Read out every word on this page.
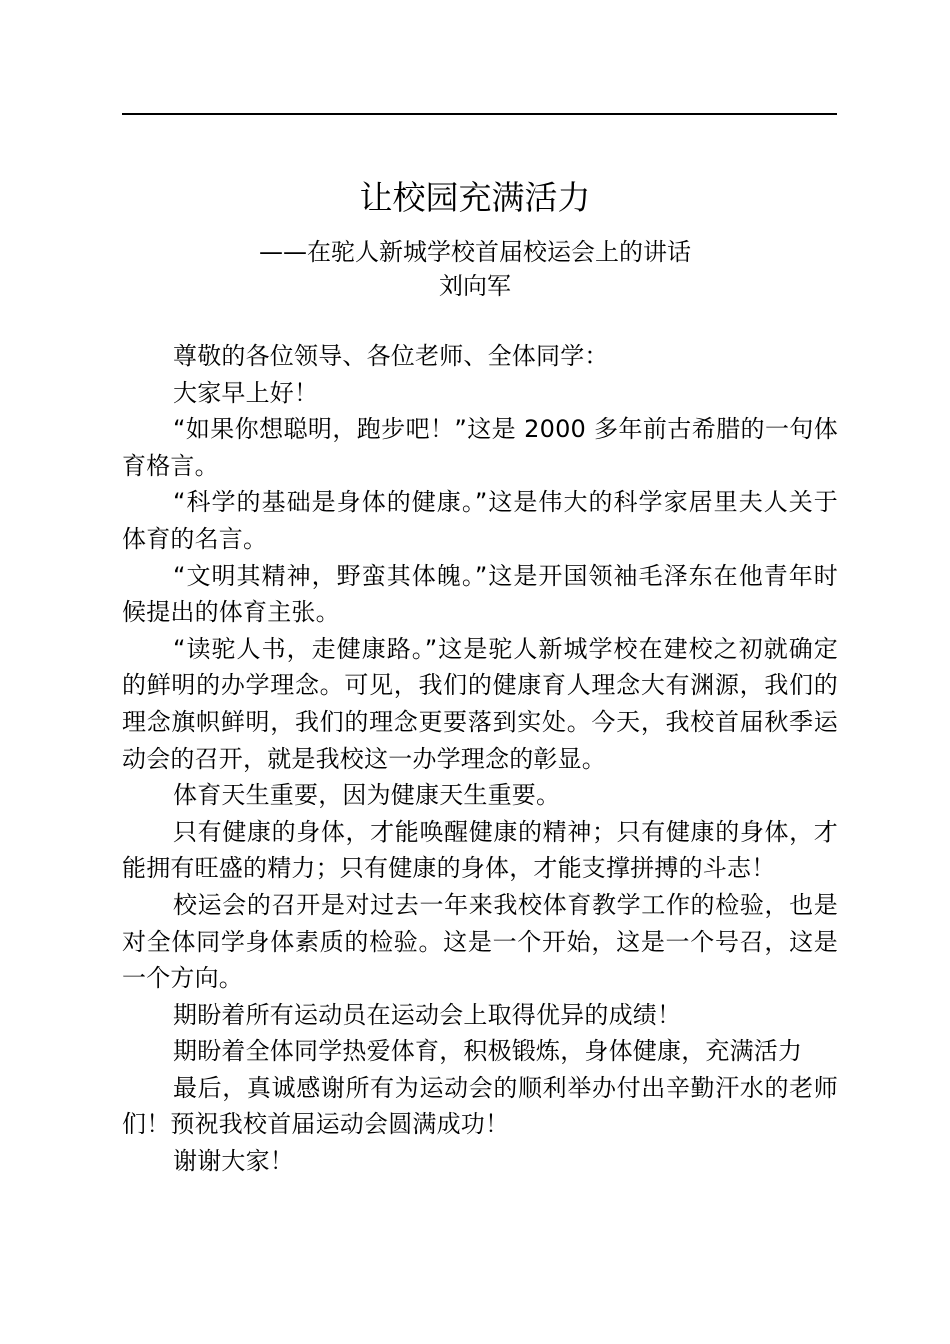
让校园充满活力
——在驼人新城学校首届校运会上的讲话
刘向军

尊敬的各位领导、各位老师、全体同学：

大家早上好！

“如果你想聪明，跑步吧！”这是 2000 多年前古希腊的一句体育格言。

“科学的基础是身体的健康。”这是伟大的科学家居里夫人关于体育的名言。

“文明其精神，野蛮其体魄。”这是开国领袖毛泽东在他青年时候提出的体育主张。

“读驼人书，走健康路。”这是驼人新城学校在建校之初就确定的鲜明的办学理念。可见，我们的健康育人理念大有渊源，我们的理念旗帜鲜明，我们的理念更要落到实处。今天，我校首届秋季运动会的召开，就是我校这一办学理念的彰显。

体育天生重要，因为健康天生重要。

只有健康的身体，才能唤醒健康的精神；只有健康的身体，才能拥有旺盛的精力；只有健康的身体，才能支撑拼搏的斗志！

校运会的召开是对过去一年来我校体育教学工作的检验，也是对全体同学身体素质的检验。这是一个开始，这是一个号召，这是一个方向。

期盼着所有运动员在运动会上取得优异的成绩！

期盼着全体同学热爱体育，积极锻炼，身体健康，充满活力

最后，真诚感谢所有为运动会的顺利举办付出辛勤汗水的老师们！预祝我校首届运动会圆满成功！

谢谢大家！
